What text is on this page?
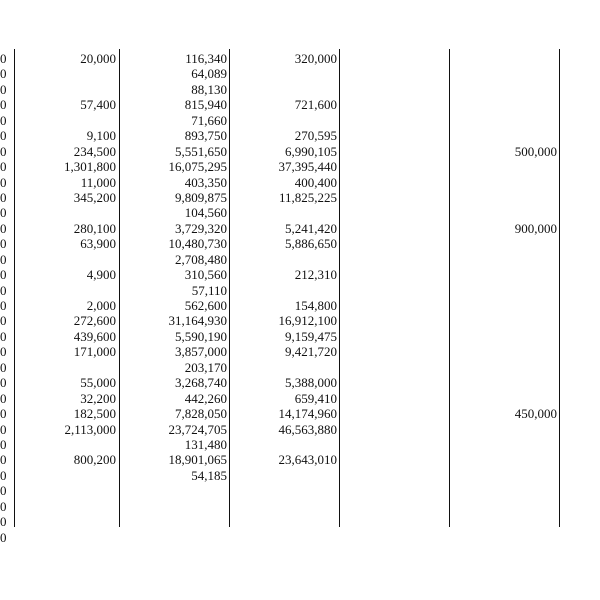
0
0
0
0
0
0
0
0
0
0
0
0
0
0
0
0
0
0
0
0
0
0
0
0
0
0
0
0
0
0
0
0
20,000
57,400
9,100
234,500
1,301,800
11,000
345,200
280,100
63,900
4,900
2,000
272,600
439,600
171,000
55,000
32,200
182,500
2,113,000
800,200
116,340
64,089
88,130
815,940
71,660
893,750
5,551,650
16,075,295
403,350
9,809,875
104,560
3,729,320
10,480,730
2,708,480
310,560
57,110
562,600
31,164,930
5,590,190
3,857,000
203,170
3,268,740
442,260
7,828,050
23,724,705
131,480
18,901,065
54,185
320,000
721,600
270,595
6,990,105
37,395,440
400,400
11,825,225
5,241,420
5,886,650
212,310
154,800
16,912,100
9,159,475
9,421,720
5,388,000
659,410
14,174,960
46,563,880
23,643,010
500,000
900,000
450,000
